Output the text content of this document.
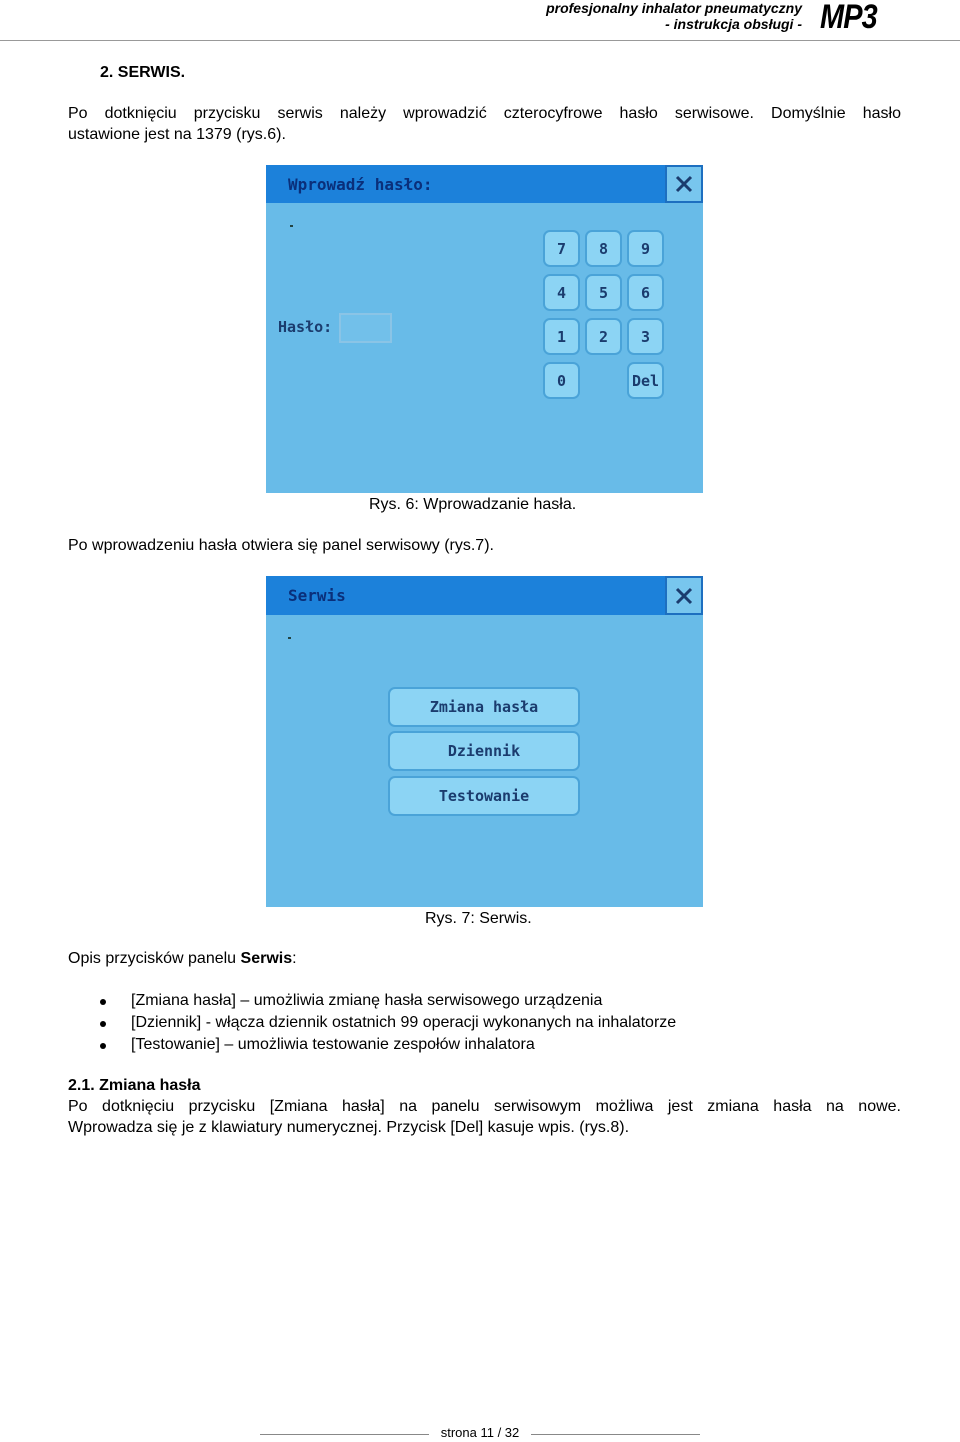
profesjonalny inhalator pneumatyczny
- instrukcja obsługi - MP3
2. SERWIS.
Po dotknięciu przycisku serwis należy wprowadzić czterocyfrowe hasło serwisowe. Domyślnie hasło
ustawione jest na 1379 (rys.6).
Wprowadź hasło:
Hasło:
7	8	9
4	5	6
1	2	3
0	Del
Rys. 6: Wprowadzanie hasła.
Po wprowadzeniu hasła otwiera się panel serwisowy (rys.7).
Serwis
Zmiana hasła
Dziennik
Testowanie
Rys. 7: Serwis.
Opis przycisków panelu Serwis:
[Zmiana hasła] – umożliwia zmianę hasła serwisowego urządzenia
[Dziennik] - włącza dziennik ostatnich 99 operacji wykonanych na inhalatorze
[Testowanie] – umożliwia testowanie zespołów inhalatora
2.1. Zmiana hasła
Po dotknięciu przycisku [Zmiana hasła] na panelu serwisowym możliwa jest zmiana hasła na nowe.
Wprowadza się je z klawiatury numerycznej. Przycisk [Del] kasuje wpis. (rys.8).
strona 11 / 32
